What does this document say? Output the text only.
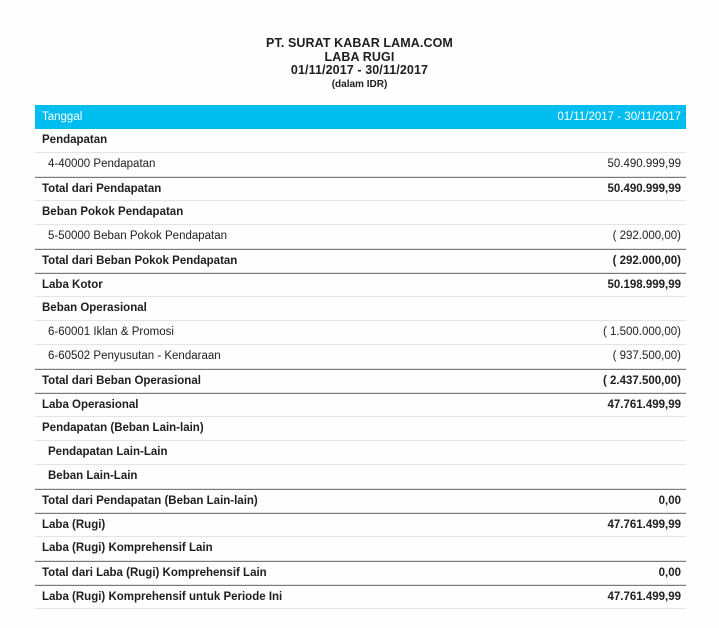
PT. SURAT KABAR LAMA.COM
LABA RUGI
01/11/2017 - 30/11/2017
(dalam IDR)
Tanggal	01/11/2017 - 30/11/2017
Pendapatan
4-40000 Pendapatan	50.490.999,99
Total dari Pendapatan	50.490.999,99
Beban Pokok Pendapatan
5-50000 Beban Pokok Pendapatan	( 292.000,00)
Total dari Beban Pokok Pendapatan	( 292.000,00)
Laba Kotor	50.198.999,99
Beban Operasional
6-60001 Iklan & Promosi	( 1.500.000,00)
6-60502 Penyusutan - Kendaraan	( 937.500,00)
Total dari Beban Operasional	( 2.437.500,00)
Laba Operasional	47.761.499,99
Pendapatan (Beban Lain-lain)
Pendapatan Lain-Lain
Beban Lain-Lain
Total dari Pendapatan (Beban Lain-lain)	0,00
Laba (Rugi)	47.761.499,99
Laba (Rugi) Komprehensif Lain
Total dari Laba (Rugi) Komprehensif Lain	0,00
Laba (Rugi) Komprehensif untuk Periode Ini	47.761.499,99
